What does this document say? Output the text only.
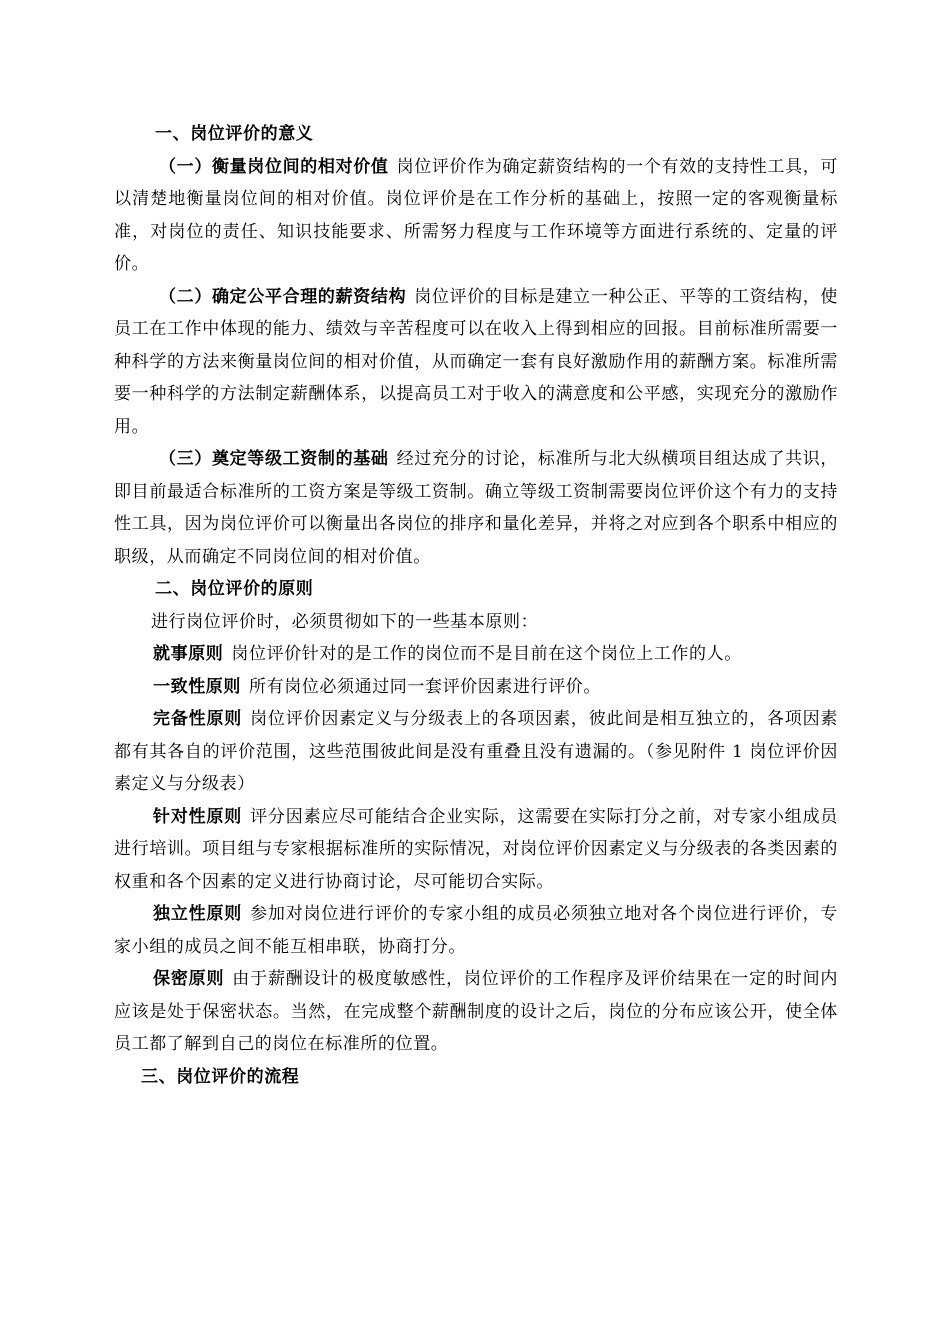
一、岗位评价的意义

（一）衡量岗位间的相对价值 岗位评价作为确定薪资结构的一个有效的支持性工具，可以清楚地衡量岗位间的相对价值。岗位评价是在工作分析的基础上，按照一定的客观衡量标准，对岗位的责任、知识技能要求、所需努力程度与工作环境等方面进行系统的、定量的评价。

（二）确定公平合理的薪资结构 岗位评价的目标是建立一种公正、平等的工资结构，使员工在工作中体现的能力、绩效与辛苦程度可以在收入上得到相应的回报。目前标准所需要一种科学的方法来衡量岗位间的相对价值，从而确定一套有良好激励作用的薪酬方案。标准所需要一种科学的方法制定薪酬体系，以提高员工对于收入的满意度和公平感，实现充分的激励作用。

（三）奠定等级工资制的基础 经过充分的讨论，标准所与北大纵横项目组达成了共识，即目前最适合标准所的工资方案是等级工资制。确立等级工资制需要岗位评价这个有力的支持性工具，因为岗位评价可以衡量出各岗位的排序和量化差异，并将之对应到各个职系中相应的职级，从而确定不同岗位间的相对价值。

二、岗位评价的原则

进行岗位评价时，必须贯彻如下的一些基本原则：

就事原则 岗位评价针对的是工作的岗位而不是目前在这个岗位上工作的人。

一致性原则 所有岗位必须通过同一套评价因素进行评价。

完备性原则 岗位评价因素定义与分级表上的各项因素，彼此间是相互独立的，各项因素都有其各自的评价范围，这些范围彼此间是没有重叠且没有遗漏的。（参见附件 1 岗位评价因素定义与分级表）

针对性原则 评分因素应尽可能结合企业实际，这需要在实际打分之前，对专家小组成员进行培训。项目组与专家根据标准所的实际情况，对岗位评价因素定义与分级表的各类因素的权重和各个因素的定义进行协商讨论，尽可能切合实际。

独立性原则 参加对岗位进行评价的专家小组的成员必须独立地对各个岗位进行评价，专家小组的成员之间不能互相串联，协商打分。

保密原则 由于薪酬设计的极度敏感性，岗位评价的工作程序及评价结果在一定的时间内应该是处于保密状态。当然，在完成整个薪酬制度的设计之后，岗位的分布应该公开，使全体员工都了解到自己的岗位在标准所的位置。

三、岗位评价的流程
